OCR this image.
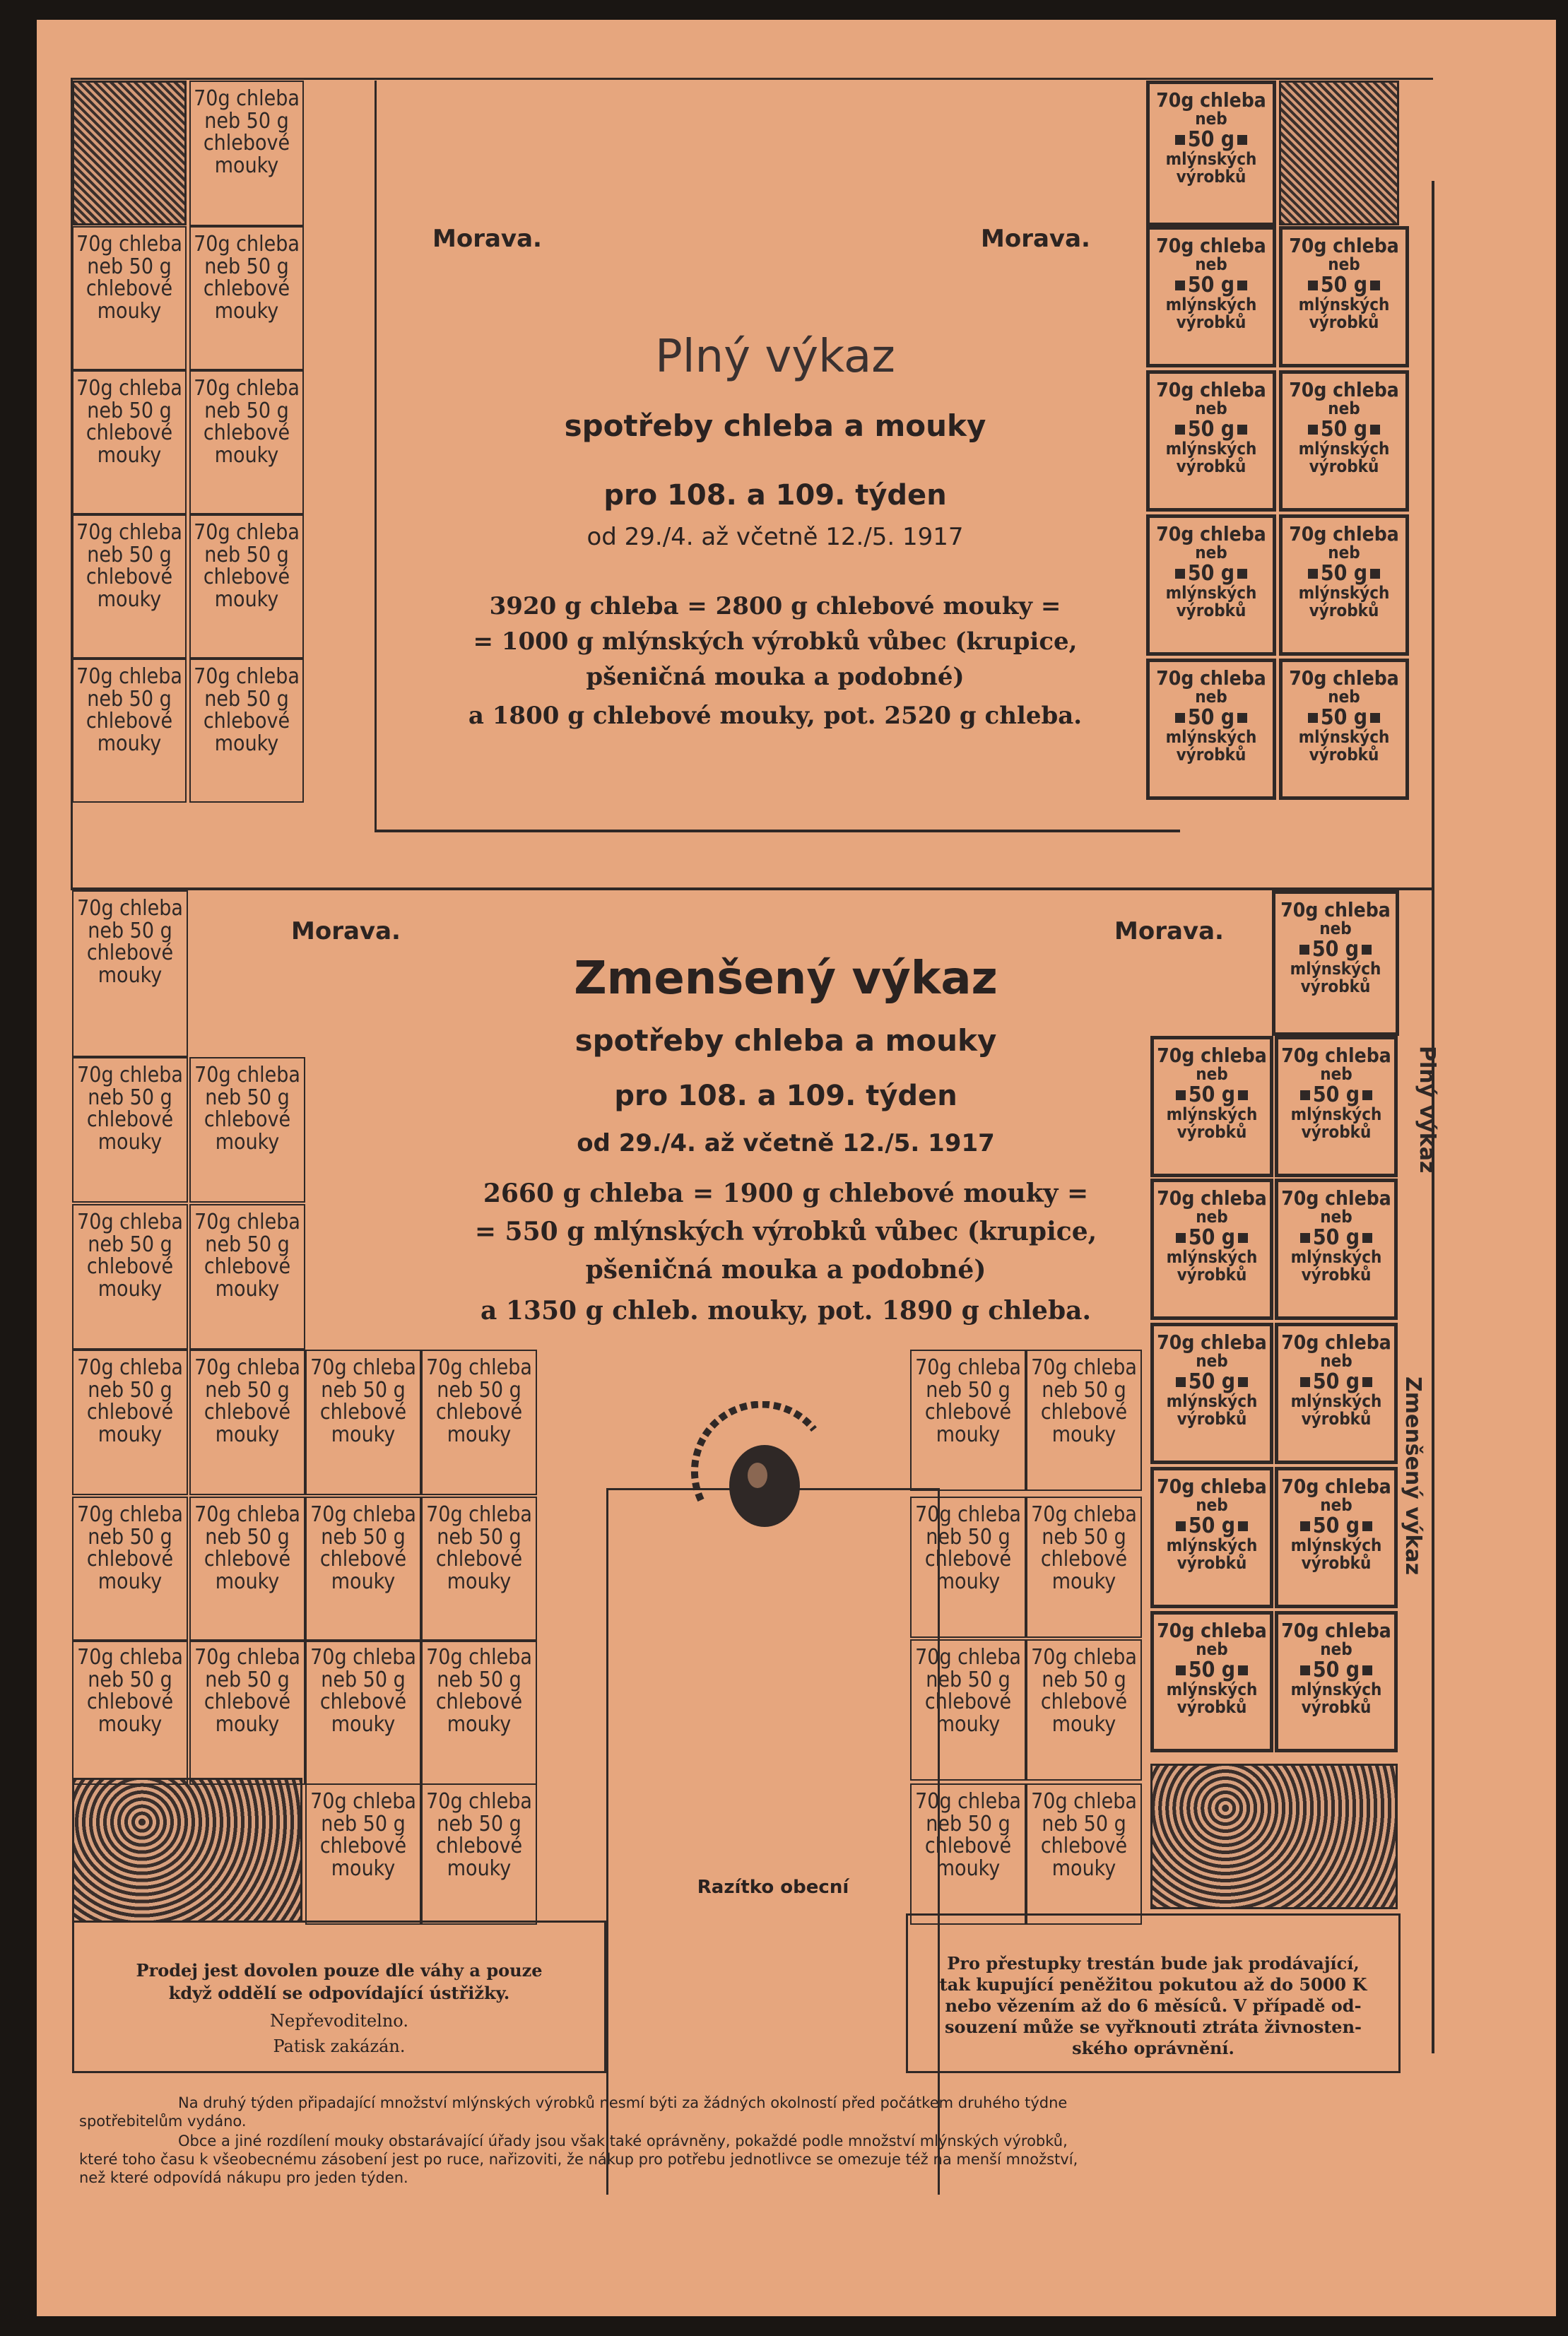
Morava.	Morava.
Plný výkaz
spotřeby chleba a mouky
pro 108. a 109. týden
od 29./4. až včetně 12./5. 1917
3920 g chleba = 2800 g chlebové mouky =
= 1000 g mlýnských výrobků vůbec (krupice,
pšeničná mouka a podobné)
a 1800 g chlebové mouky, pot. 2520 g chleba.
Morava.	Morava.
Zmenšený výkaz
spotřeby chleba a mouky
pro 108. a 109. týden
od 29./4. až včetně 12./5. 1917
2660 g chleba = 1900 g chlebové mouky =
= 550 g mlýnských výrobků vůbec (krupice,
pšeničná mouka a podobné)
a 1350 g chleb. mouky, pot. 1890 g chleba.
Razítko obecní
Prodej jest dovolen pouze dle váhy a pouze
když oddělí se odpovídající ústřižky.
Nepřevoditelno.
Patisk zakázán.
Pro přestupky trestán bude jak prodávající,
tak kupující peněžitou pokutou až do 5000 K
nebo vězením až do 6 měsíců. V případě od-
souzení může se vyřknouti ztráta živnosten-
ského oprávnění.
Plný výkaz
Zmenšený výkaz
Na druhý týden připadající množství mlýnských výrobků nesmí býti za žádných okolností před počátkem druhého týdne
spotřebitelům vydáno.
Obce a jiné rozdílení mouky obstarávající úřady jsou však také oprávněny, pokaždé podle množství mlýnských výrobků,
které toho času k všeobecnému zásobení jest po ruce, nařizoviti, že nákup pro potřebu jednotlivce se omezuje též na menší množství,
než které odpovídá nákupu pro jeden týden.
70g chleba
neb 50 g
chlebové
mouky
70g chleba
neb 50 g
chlebové
mouky
70g chleba
neb 50 g
chlebové
mouky
70g chleba
neb 50 g
chlebové
mouky
70g chleba
neb 50 g
chlebové
mouky
70g chleba
neb 50 g
chlebové
mouky
70g chleba
neb 50 g
chlebové
mouky
70g chleba
neb 50 g
chlebové
mouky
70g chleba
neb 50 g
chlebové
mouky
70g chleba
neb
50 g
mlýnských
výrobků
70g chleba
neb
50 g
mlýnských
výrobků
70g chleba
neb
50 g
mlýnských
výrobků
70g chleba
neb
50 g
mlýnských
výrobků
70g chleba
neb
50 g
mlýnských
výrobků
70g chleba
neb
50 g
mlýnských
výrobků
70g chleba
neb
50 g
mlýnských
výrobků
70g chleba
neb
50 g
mlýnských
výrobků
70g chleba
neb
50 g
mlýnských
výrobků
70g chleba
neb
50 g
mlýnských
výrobků
70g chleba
neb
50 g
mlýnských
výrobků
70g chleba
neb
50 g
mlýnských
výrobků
70g chleba
neb
50 g
mlýnských
výrobků
70g chleba
neb
50 g
mlýnských
výrobků
70g chleba
neb
50 g
mlýnských
výrobků
70g chleba
neb
50 g
mlýnských
výrobků
70g chleba
neb
50 g
mlýnských
výrobků
70g chleba
neb
50 g
mlýnských
výrobků
70g chleba
neb
50 g
mlýnských
výrobků
70g chleba
neb
50 g
mlýnských
výrobků
70g chleba
neb 50 g
chlebové
mouky
70g chleba
neb 50 g
chlebové
mouky
70g chleba
neb 50 g
chlebové
mouky
70g chleba
neb 50 g
chlebové
mouky
70g chleba
neb 50 g
chlebové
mouky
70g chleba
neb 50 g
chlebové
mouky
70g chleba
neb 50 g
chlebové
mouky
70g chleba
neb 50 g
chlebové
mouky
70g chleba
neb 50 g
chlebové
mouky
70g chleba
neb 50 g
chlebové
mouky
70g chleba
neb 50 g
chlebové
mouky
70g chleba
neb 50 g
chlebové
mouky
70g chleba
neb 50 g
chlebové
mouky
70g chleba
neb 50 g
chlebové
mouky
70g chleba
neb 50 g
chlebové
mouky
70g chleba
neb 50 g
chlebové
mouky
70g chleba
neb 50 g
chlebové
mouky
70g chleba
neb 50 g
chlebové
mouky
70g chleba
neb 50 g
chlebové
mouky
70g chleba
neb 50 g
chlebové
mouky
70g chleba
neb 50 g
chlebové
mouky
70g chleba
neb 50 g
chlebové
mouky
70g chleba
neb 50 g
chlebové
mouky
70g chleba
neb 50 g
chlebové
mouky
70g chleba
neb 50 g
chlebové
mouky
70g chleba
neb 50 g
chlebové
mouky
70g chleba
neb 50 g
chlebové
mouky
